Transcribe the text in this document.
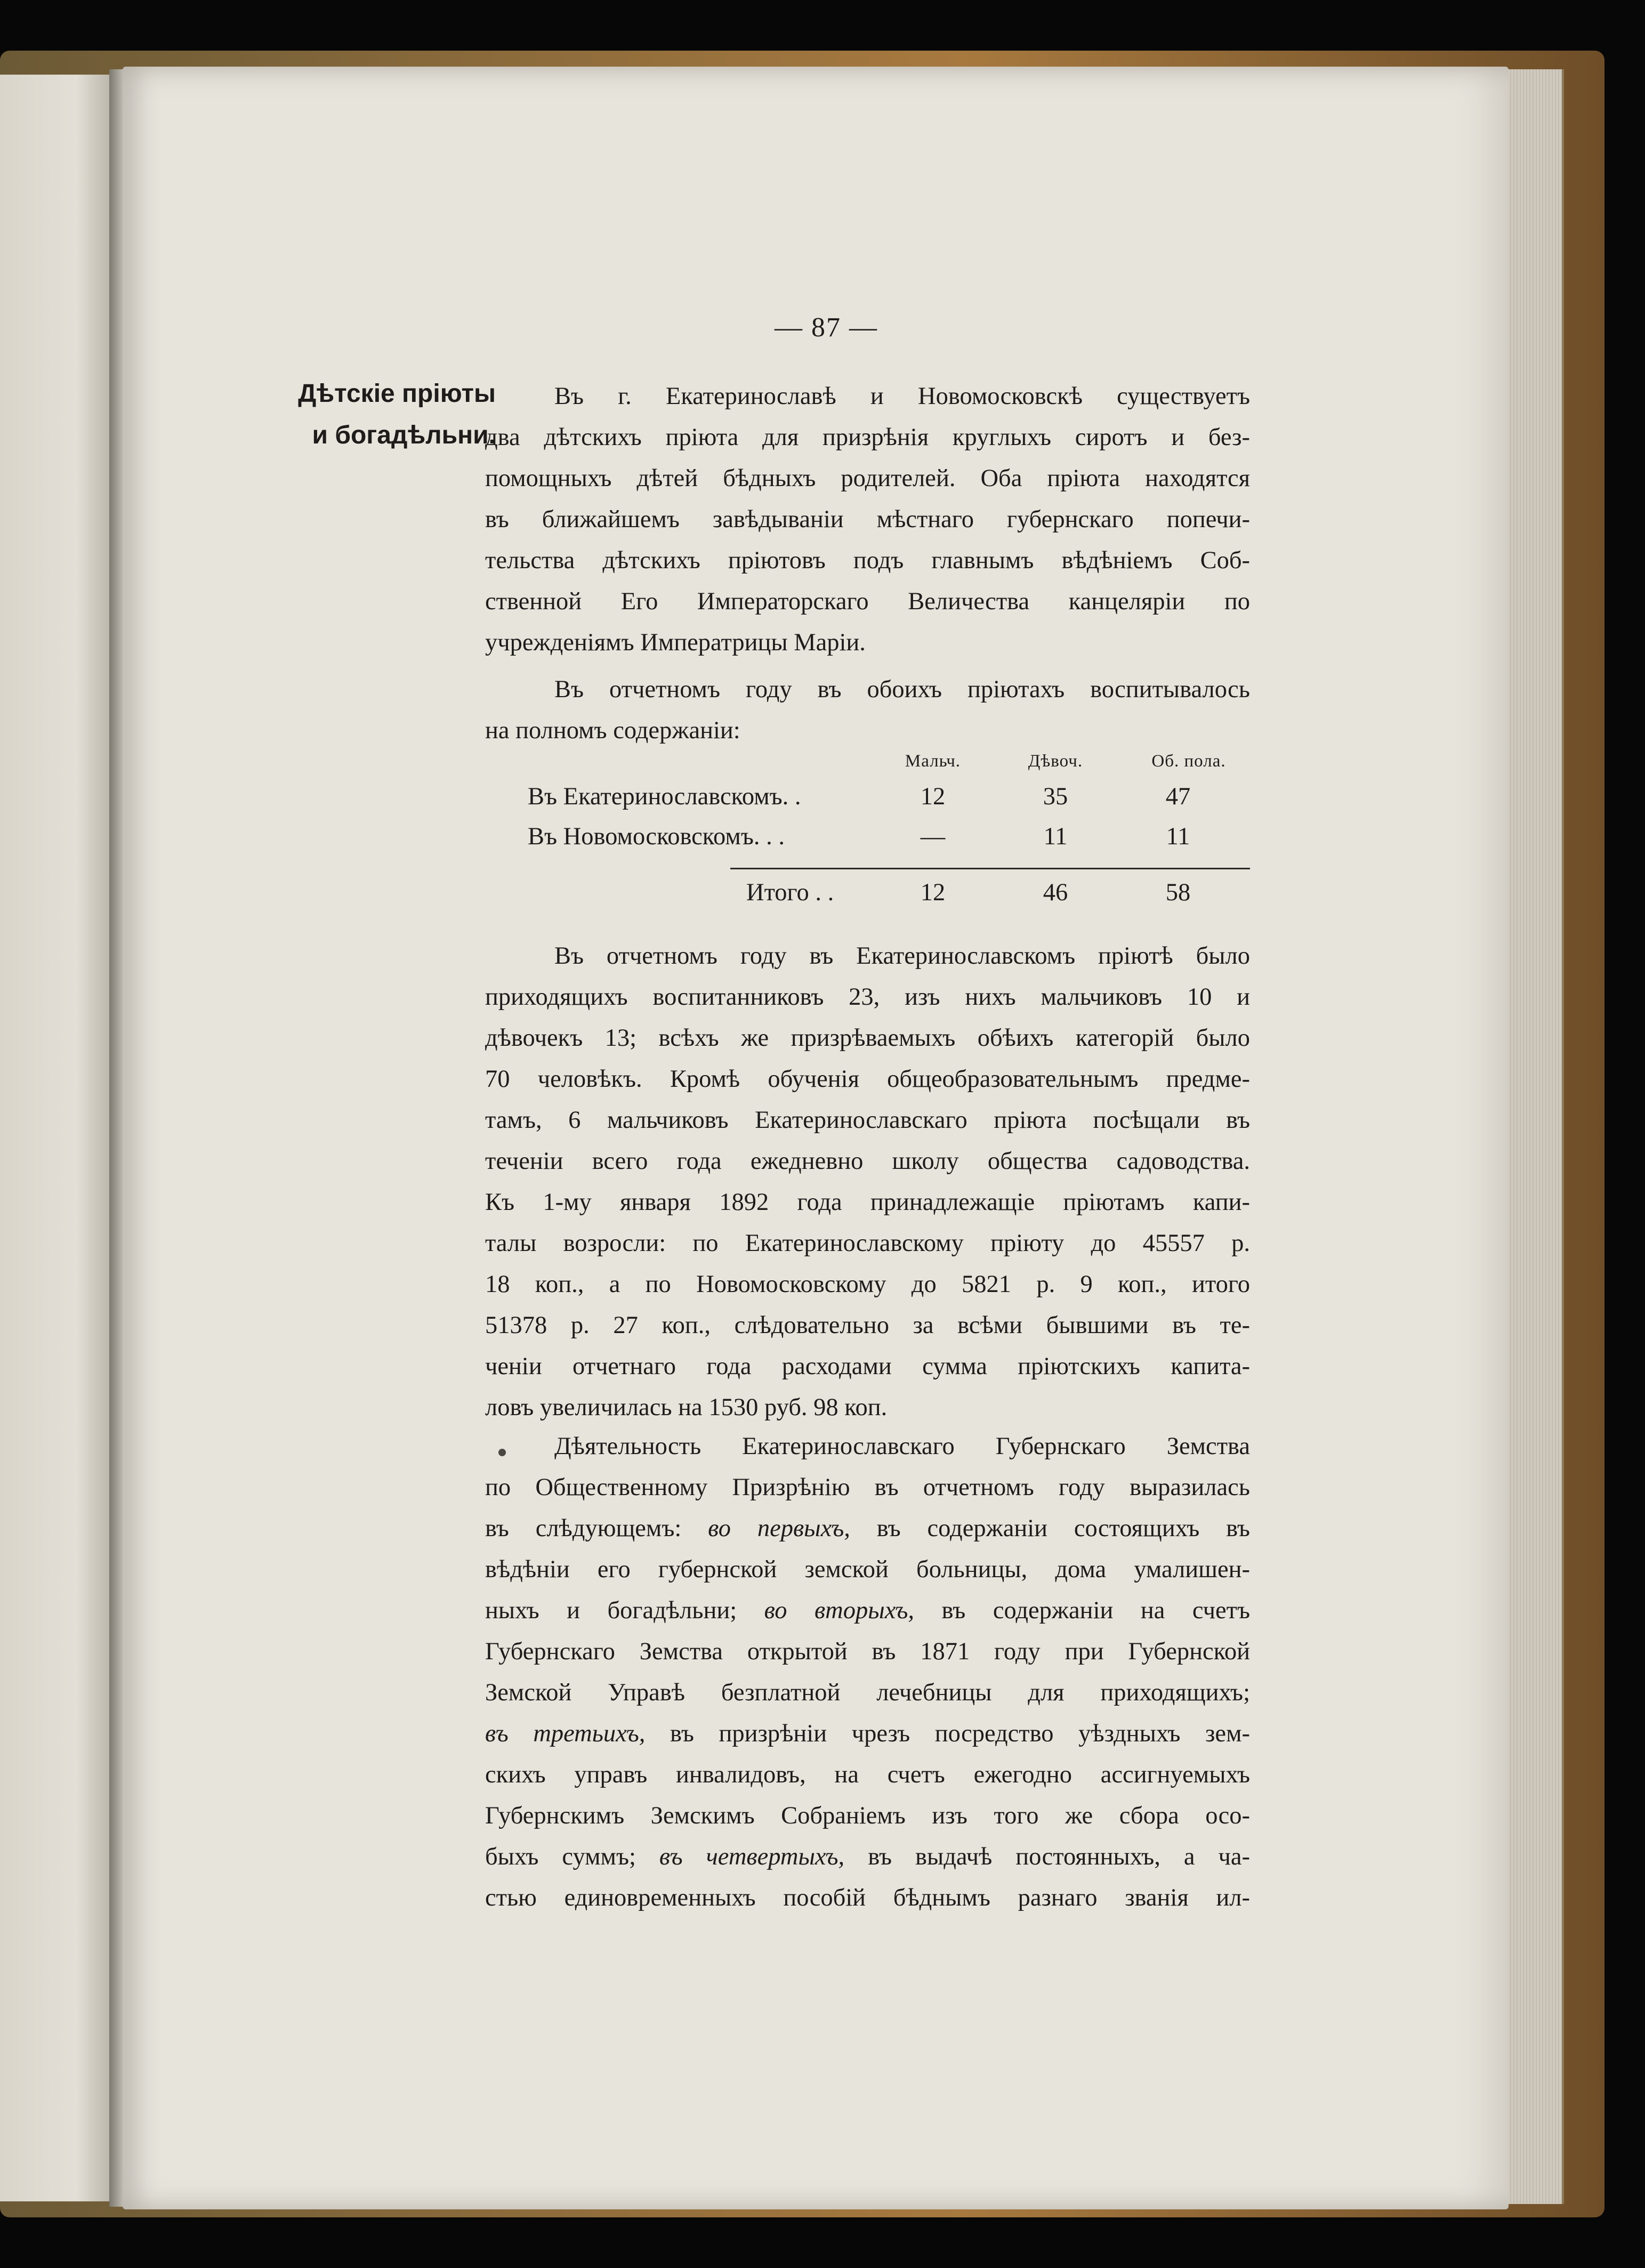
— 87 —
Дѣтскіе пріюты
и богадѣльни.
Въ г. Екатеринославѣ и Новомосковскѣ существуетъ
два дѣтскихъ пріюта для призрѣнія круглыхъ сиротъ и без-
помощныхъ дѣтей бѣдныхъ родителей. Оба пріюта находятся
въ ближайшемъ завѣдываніи мѣстнаго губернскаго попечи-
тельства дѣтскихъ пріютовъ подъ главнымъ вѣдѣніемъ Соб-
ственной Его Императорскаго Величества канцеляріи по
учрежденіямъ Императрицы Маріи.
Въ отчетномъ году въ обоихъ пріютахъ воспитывалось
на полномъ содержаніи:
Мальч.	Дѣвоч.	Об. пола.
Въ Екатеринославскомъ. .	12	35	47
Въ Новомосковскомъ. . .	—	11	11
Итого . .	12	46	58
Въ отчетномъ году въ Екатеринославскомъ пріютѣ было
приходящихъ воспитанниковъ 23, изъ нихъ мальчиковъ 10 и
дѣвочекъ 13; всѣхъ же призрѣваемыхъ обѣихъ категорій было
70 человѣкъ. Кромѣ обученія общеобразовательнымъ предме-
тамъ, 6 мальчиковъ Екатеринославскаго пріюта посѣщали въ
теченіи всего года ежедневно школу общества садоводства.
Къ 1-му января 1892 года принадлежащіе пріютамъ капи-
талы возросли: по Екатеринославскому пріюту до 45557 р.
18 коп., а по Новомосковскому до 5821 р. 9 коп., итого
51378 р. 27 коп., слѣдовательно за всѣми бывшими въ те-
ченіи отчетнаго года расходами сумма пріютскихъ капита-
ловъ увеличилась на 1530 руб. 98 коп.
Дѣятельность Екатеринославскаго Губернскаго Земства
по Общественному Призрѣнію въ отчетномъ году выразилась
въ слѣдующемъ: во первыхъ, въ содержаніи состоящихъ въ
вѣдѣніи его губернской земской больницы, дома умалишен-
ныхъ и богадѣльни; во вторыхъ, въ содержаніи на счетъ
Губернскаго Земства открытой въ 1871 году при Губернской
Земской Управѣ безплатной лечебницы для приходящихъ;
въ третьихъ, въ призрѣніи чрезъ посредство уѣздныхъ зем-
скихъ управъ инвалидовъ, на счетъ ежегодно ассигнуемыхъ
Губернскимъ Земскимъ Собраніемъ изъ того же сбора осо-
быхъ суммъ; въ четвертыхъ, въ выдачѣ постоянныхъ, а ча-
стью единовременныхъ пособій бѣднымъ разнаго званія ил-
